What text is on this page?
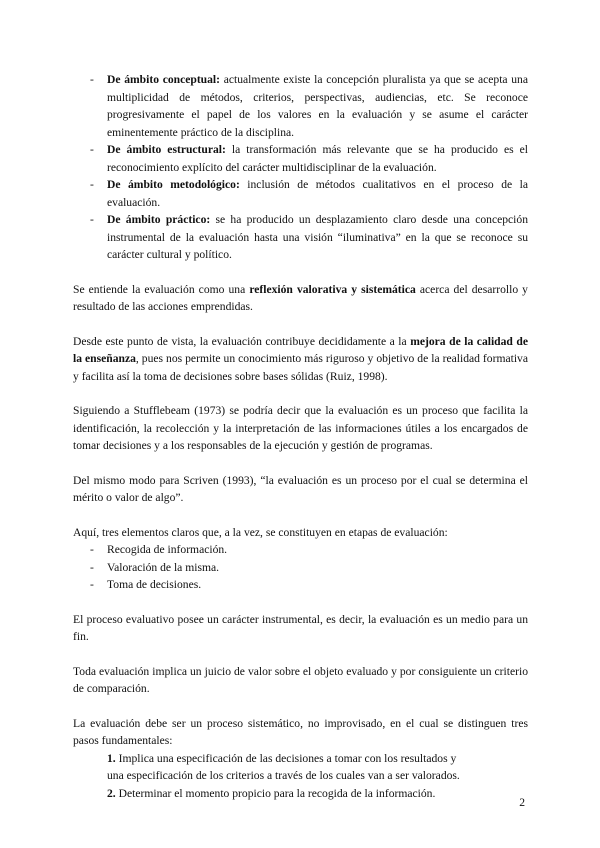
- De ámbito conceptual: actualmente existe la concepción pluralista ya que se acepta una multiplicidad de métodos, criterios, perspectivas, audiencias, etc. Se reconoce progresivamente el papel de los valores en la evaluación y se asume el carácter eminentemente práctico de la disciplina.
- De ámbito estructural: la transformación más relevante que se ha producido es el reconocimiento explícito del carácter multidisciplinar de la evaluación.
- De ámbito metodológico: inclusión de métodos cualitativos en el proceso de la evaluación.
- De ámbito práctico: se ha producido un desplazamiento claro desde una concepción instrumental de la evaluación hasta una visión “iluminativa” en la que se reconoce su carácter cultural y político.

Se entiende la evaluación como una reflexión valorativa y sistemática acerca del desarrollo y resultado de las acciones emprendidas.

Desde este punto de vista, la evaluación contribuye decididamente a la mejora de la calidad de la enseñanza, pues nos permite un conocimiento más riguroso y objetivo de la realidad formativa y facilita así la toma de decisiones sobre bases sólidas (Ruiz, 1998).

Siguiendo a Stufflebeam (1973) se podría decir que la evaluación es un proceso que facilita la identificación, la recolección y la interpretación de las informaciones útiles a los encargados de tomar decisiones y a los responsables de la ejecución y gestión de programas.

Del mismo modo para Scriven (1993), “la evaluación es un proceso por el cual se determina el mérito o valor de algo”.

Aquí, tres elementos claros que, a la vez, se constituyen en etapas de evaluación:

- Recogida de información.
- Valoración de la misma.
- Toma de decisiones.

El proceso evaluativo posee un carácter instrumental, es decir, la evaluación es un medio para un fin.

Toda evaluación implica un juicio de valor sobre el objeto evaluado y por consiguiente un criterio de comparación.

La evaluación debe ser un proceso sistemático, no improvisado, en el cual se distinguen tres pasos fundamentales:

1. Implica una especificación de las decisiones a tomar con los resultados y
una especificación de los criterios a través de los cuales van a ser valorados.
2. Determinar el momento propicio para la recogida de la información.
2
